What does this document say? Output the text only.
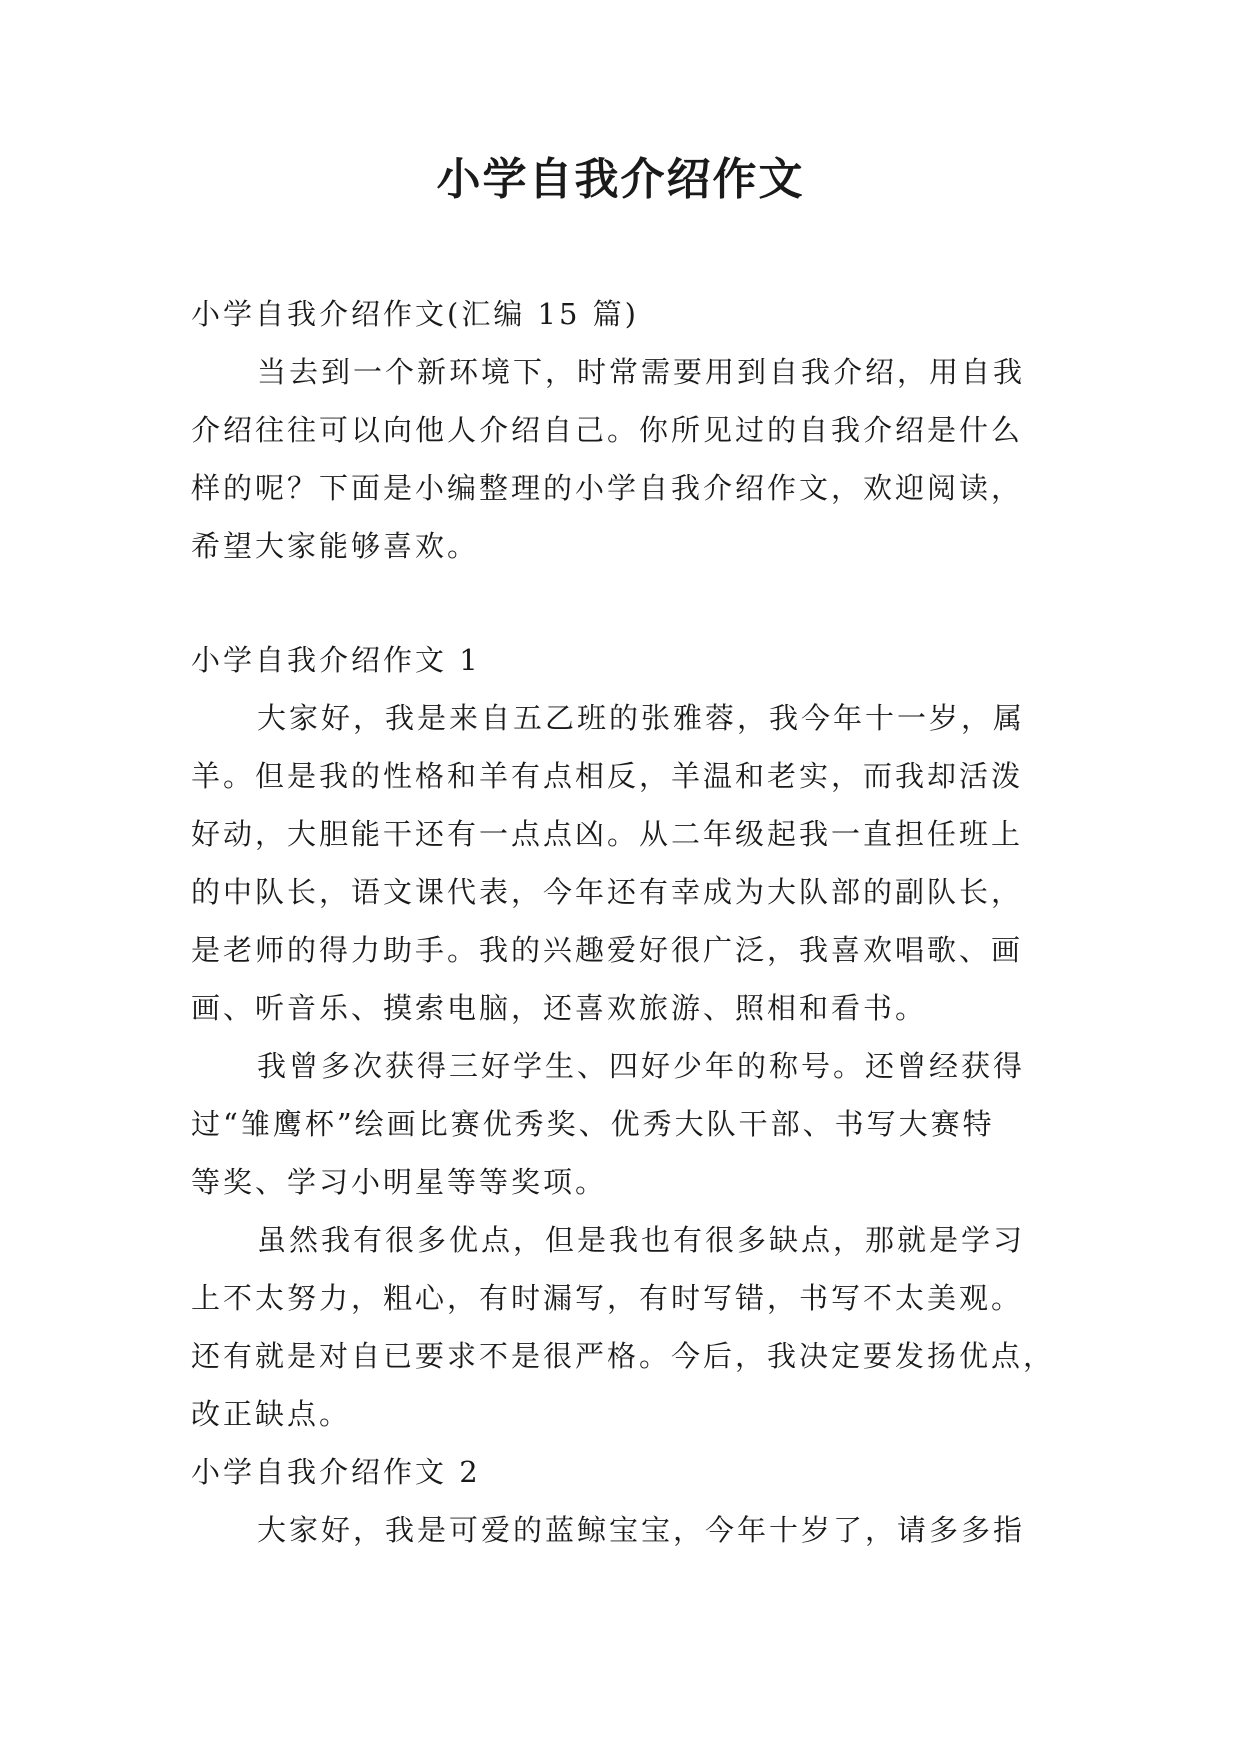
小学自我介绍作文

小学自我介绍作文(汇编 15 篇)

当去到一个新环境下，时常需要用到自我介绍，用自我

介绍往往可以向他人介绍自己。你所见过的自我介绍是什么

样的呢？下面是小编整理的小学自我介绍作文，欢迎阅读，

希望大家能够喜欢。

小学自我介绍作文 1

大家好，我是来自五乙班的张雅蓉，我今年十一岁，属

羊。但是我的性格和羊有点相反，羊温和老实，而我却活泼

好动，大胆能干还有一点点凶。从二年级起我一直担任班上

的中队长，语文课代表，今年还有幸成为大队部的副队长，

是老师的得力助手。我的兴趣爱好很广泛，我喜欢唱歌、画

画、听音乐、摸索电脑，还喜欢旅游、照相和看书。

我曾多次获得三好学生、四好少年的称号。还曾经获得

过“雏鹰杯”绘画比赛优秀奖、优秀大队干部、书写大赛特

等奖、学习小明星等等奖项。

虽然我有很多优点，但是我也有很多缺点，那就是学习

上不太努力，粗心，有时漏写，有时写错，书写不太美观。

还有就是对自已要求不是很严格。今后，我决定要发扬优点，

改正缺点。

小学自我介绍作文 2

大家好，我是可爱的蓝鲸宝宝，今年十岁了，请多多指
